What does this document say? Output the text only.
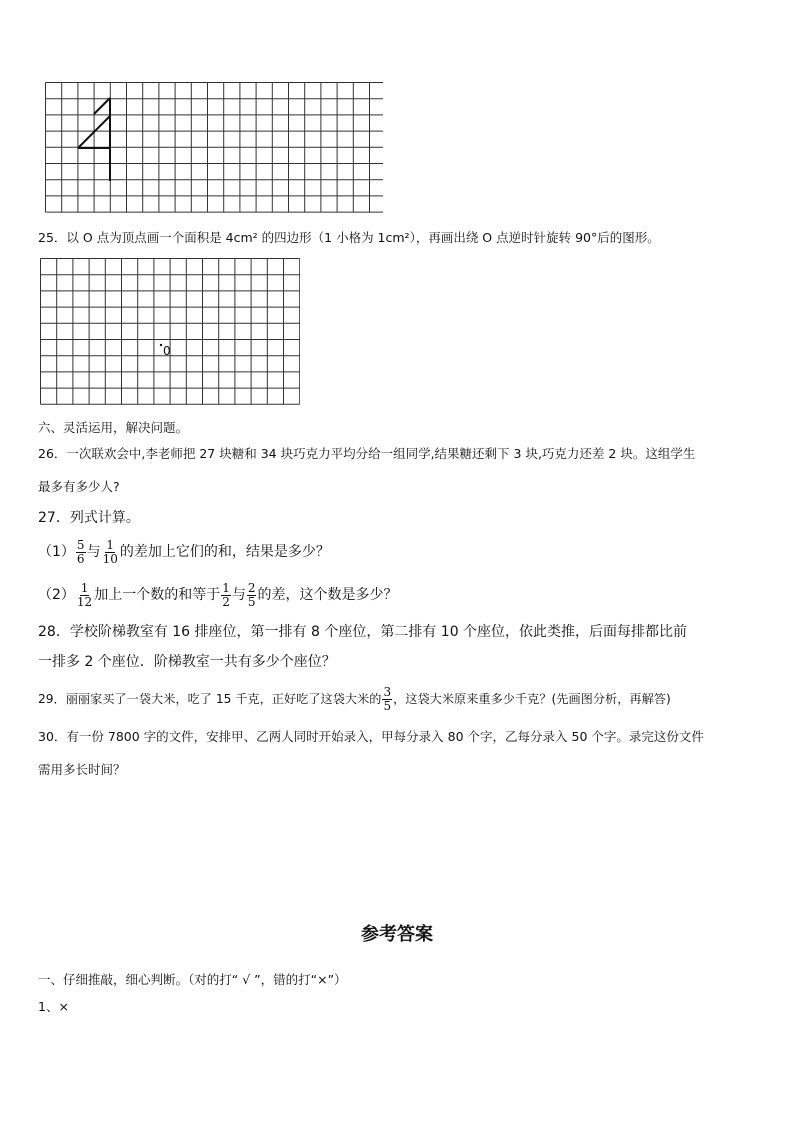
25．以 O 点为顶点画一个面积是 4cm² 的四边形（1 小格为 1cm²），再画出绕 O 点逆时针旋转 90°后的图形。
0
六、灵活运用，解决问题。
26．一次联欢会中,李老师把 27 块糖和 34 块巧克力平均分给一组同学,结果糖还剩下 3 块,巧克力还差 2 块。这组学生
最多有多少人?
27．列式计算。
$(1) \frac{5}{6}$ 与 $\frac{1}{10}$ 的差加上它们的和，结果是多少？
$(2) \frac{1}{12}$ 加上一个数的和等于 $\frac{1}{2}$ 与 $\frac{2}{5}$ 的差，这个数是多少？
28．学校阶梯教室有 16 排座位，第一排有 8 个座位，第二排有 10 个座位，依此类推，后面每排都比前
一排多 2 个座位．阶梯教室一共有多少个座位？
29．丽丽家买了一袋大米，吃了 15 千克，正好吃了这袋大米的 $\frac{3}{5}$ ，这袋大米原来重多少千克？(先画图分析，再解答)
30．有一份 7800 字的文件，安排甲、乙两人同时开始录入，甲每分录入 80 个字，乙每分录入 50 个字。录完这份文件
需用多长时间？
参考答案
一、仔细推敲，细心判断。（对的打“ √ ”，错的打“×”）
1、×
